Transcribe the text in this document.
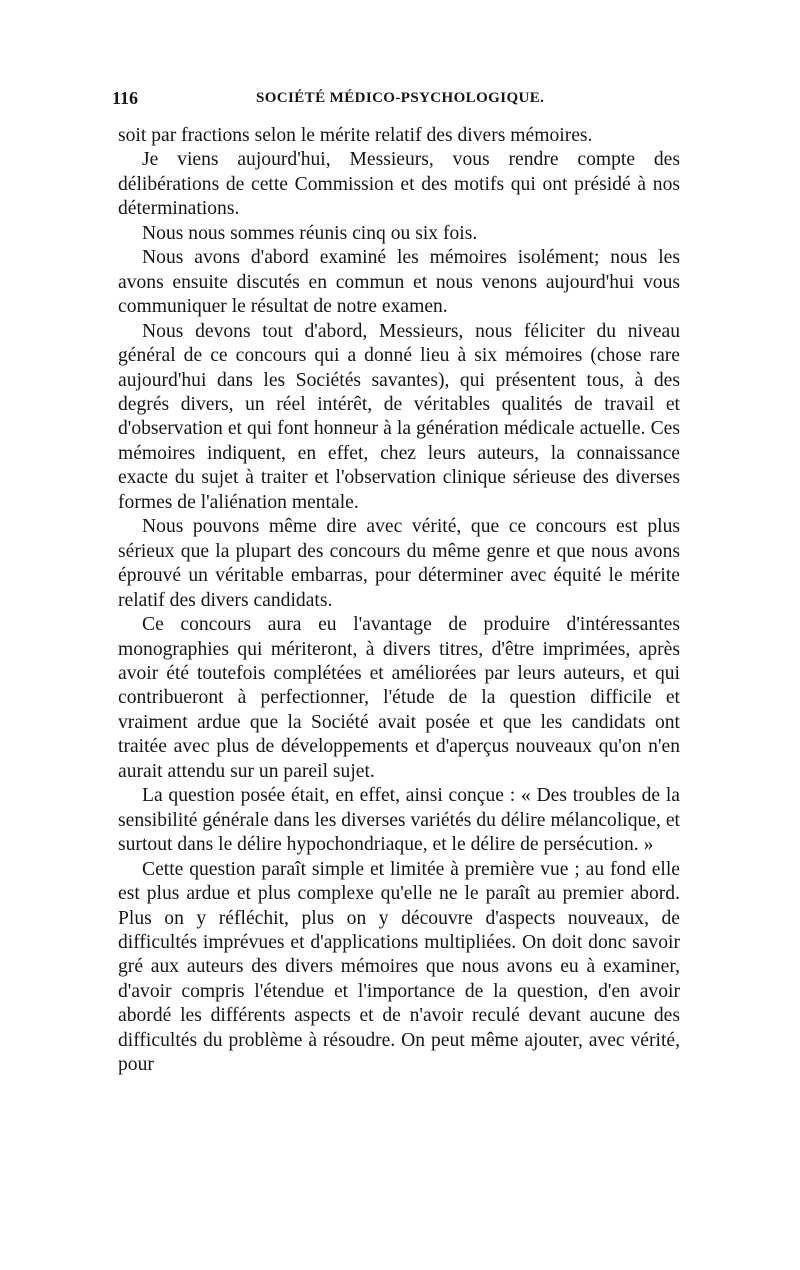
116	SOCIÉTÉ MÉDICO-PSYCHOLOGIQUE.

soit par fractions selon le mérite relatif des divers mémoires.

Je viens aujourd'hui, Messieurs, vous rendre compte des délibérations de cette Commission et des motifs qui ont présidé à nos déterminations.

Nous nous sommes réunis cinq ou six fois.

Nous avons d'abord examiné les mémoires isolément; nous les avons ensuite discutés en commun et nous venons aujourd'hui vous communiquer le résultat de notre examen.

Nous devons tout d'abord, Messieurs, nous féliciter du niveau général de ce concours qui a donné lieu à six mémoires (chose rare aujourd'hui dans les Sociétés savantes), qui présentent tous, à des degrés divers, un réel intérêt, de véritables qualités de travail et d'observation et qui font honneur à la génération médicale actuelle. Ces mémoires indiquent, en effet, chez leurs auteurs, la connaissance exacte du sujet à traiter et l'observation clinique sérieuse des diverses formes de l'aliénation mentale.

Nous pouvons même dire avec vérité, que ce concours est plus sérieux que la plupart des concours du même genre et que nous avons éprouvé un véritable embarras, pour déterminer avec équité le mérite relatif des divers candidats.

Ce concours aura eu l'avantage de produire d'intéressantes monographies qui mériteront, à divers titres, d'être imprimées, après avoir été toutefois complétées et améliorées par leurs auteurs, et qui contribueront à perfectionner, l'étude de la question difficile et vraiment ardue que la Société avait posée et que les candidats ont traitée avec plus de développements et d'aperçus nouveaux qu'on n'en aurait attendu sur un pareil sujet.

La question posée était, en effet, ainsi conçue : « Des troubles de la sensibilité générale dans les diverses variétés du délire mélancolique, et surtout dans le délire hypochondriaque, et le délire de persécution. »

Cette question paraît simple et limitée à première vue ; au fond elle est plus ardue et plus complexe qu'elle ne le paraît au premier abord. Plus on y réfléchit, plus on y découvre d'aspects nouveaux, de difficultés imprévues et d'applications multipliées. On doit donc savoir gré aux auteurs des divers mémoires que nous avons eu à examiner, d'avoir compris l'étendue et l'importance de la question, d'en avoir abordé les différents aspects et de n'avoir reculé devant aucune des difficultés du problème à résoudre. On peut même ajouter, avec vérité, pour
